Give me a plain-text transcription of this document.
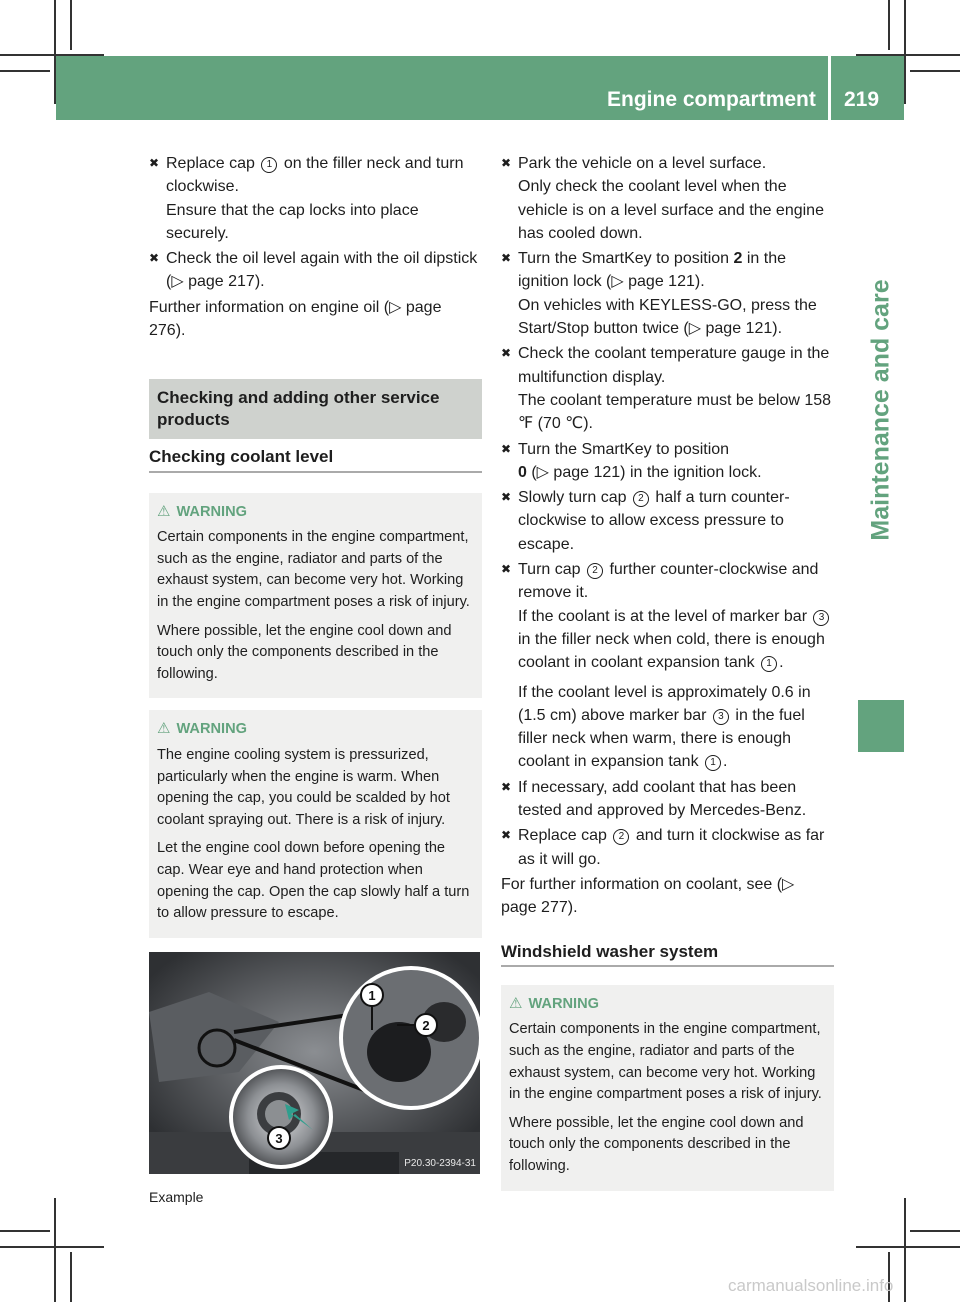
Engine compartment 219
Maintenance and care
✖ Replace cap 1 on the filler neck and turn clockwise.

Ensure that the cap locks into place securely.

✖ Check the oil level again with the oil dipstick (▷ page 217).

Further information on engine oil (▷ page 276).

Checking and adding other service products
Checking coolant level
⚠ WARNING

Certain components in the engine compartment, such as the engine, radiator and parts of the exhaust system, can become very hot. Working in the engine compartment poses a risk of injury.

Where possible, let the engine cool down and touch only the components described in the following.

⚠ WARNING

The engine cooling system is pressurized, particularly when the engine is warm. When opening the cap, you could be scalded by hot coolant spraying out. There is a risk of injury.

Let the engine cool down before opening the cap. Wear eye and hand protection when opening the cap. Open the cap slowly half a turn to allow pressure to escape.

1
2
3
P20.30-2394-31
Example
✖ Park the vehicle on a level surface.

Only check the coolant level when the vehicle is on a level surface and the engine has cooled down.

✖ Turn the SmartKey to position 2 in the ignition lock (▷ page 121).

On vehicles with KEYLESS-GO, press the Start/Stop button twice (▷ page 121).

✖ Check the coolant temperature gauge in the multifunction display.

The coolant temperature must be below 158 ℉ (70 ℃).

✖ Turn the SmartKey to position
0 (▷ page 121) in the ignition lock.

✖ Slowly turn cap 2 half a turn counter-clockwise to allow excess pressure to escape.

✖ Turn cap 2 further counter-clockwise and remove it.

If the coolant is at the level of marker bar 3 in the filler neck when cold, there is enough coolant in coolant expansion tank 1 .

If the coolant level is approximately 0.6 in (1.5 cm) above marker bar 3 in the fuel filler neck when warm, there is enough coolant in expansion tank 1 .

✖ If necessary, add coolant that has been tested and approved by Mercedes-Benz.

✖ Replace cap 2 and turn it clockwise as far as it will go.

For further information on coolant, see (▷ page 277).

Windshield washer system
⚠ WARNING

Certain components in the engine compartment, such as the engine, radiator and parts of the exhaust system, can become very hot. Working in the engine compartment poses a risk of injury.

Where possible, let the engine cool down and touch only the components described in the following.

carmanualsonline.info
